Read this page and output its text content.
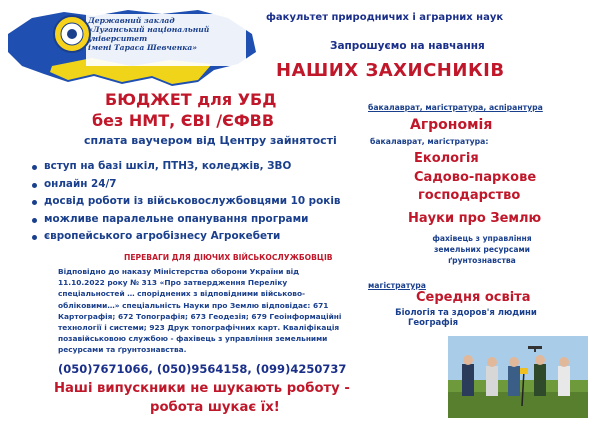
Державний заклад
«Луганський національний
університет
імені Тараса Шевченка»
факультет природничих і аграрних наук
Запрошуємо на навчання
НАШИХ ЗАХИСНИКІВ
БЮДЖЕТ для УБД
без НМТ, ЄВІ /ЄФВВ
сплата ваучером від Центру зайнятості
вступ на базі шкіл, ПТНЗ, коледжів, ЗВО
онлайн 24/7
досвід роботи із військовослужбовцями 10 років
можливе паралельне опанування програми
європейського агробізнесу Агрокебети
ПЕРЕВАГИ ДЛЯ ДІЮЧИХ ВІЙСЬКОСЛУЖБОВЦІВ
Відповідно до наказу Міністерства оборони України від
11.10.2022 року № 313 «Про затвердження Переліку
спеціальностей … споріднених з відповідними військово-
обліковими…» спеціальність Науки про Землю відповідає: 671
Картографія; 672 Топографія; 673 Геодезія; 679 Геоінформаційні
технології і системи; 923 Друк топографічних карт. Кваліфікація
позавійськовою службою - фахівець з управління земельними
ресурсами та ґрунтознавства.
(050)7671066, (050)9564158, (099)4250737
Наші випускники не шукають роботу -
робота шукає їх!
бакалаврат, магістратура, аспірантура
Агрономія
бакалаврат, магістратура:
Екологія
Садово-паркове
господарство
Науки про Землю
фахівець з управління
земельних ресурсами
ґрунтознавства
магістратура
Середня освіта
Біологія та здоров'я людини
Географія
